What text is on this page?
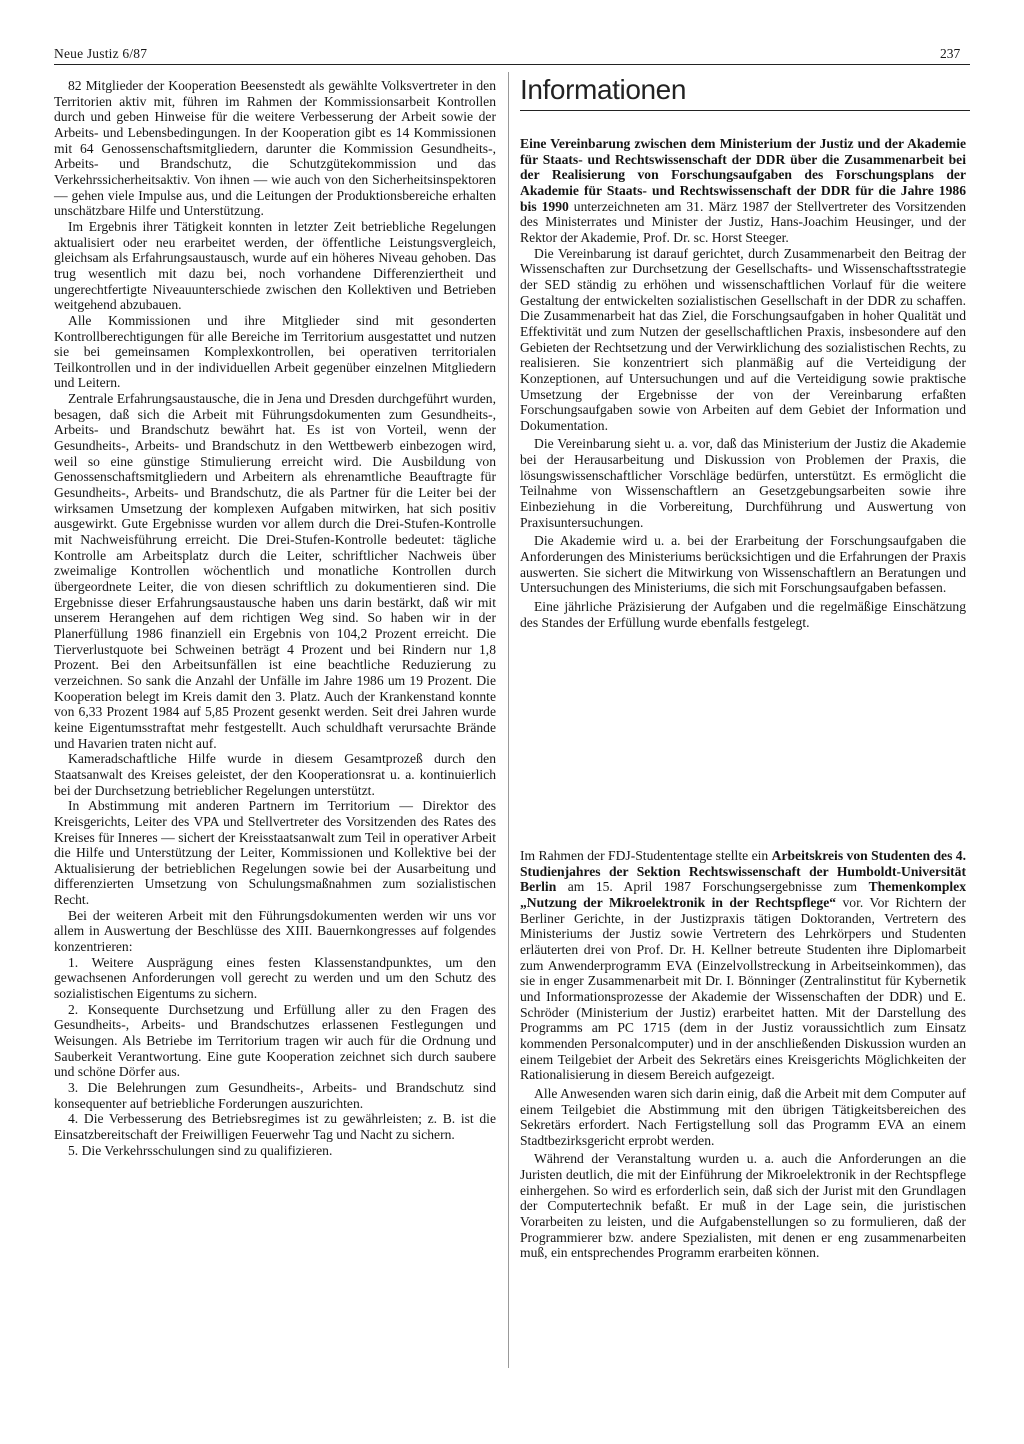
Neue Justiz 6/87	237

82 Mitglieder der Kooperation Beesenstedt als gewählte Volksvertreter in den Territorien aktiv mit, führen im Rahmen der Kommissionsarbeit Kontrollen durch und geben Hinweise für die weitere Verbesserung der Arbeit sowie der Arbeits- und Lebensbedingungen. In der Kooperation gibt es 14 Kommissionen mit 64 Genossenschaftsmitgliedern, darunter die Kommission Gesundheits-, Arbeits- und Brandschutz, die Schutzgütekommission und das Verkehrssicherheitsaktiv. Von ihnen — wie auch von den Sicherheitsinspektoren — gehen viele Impulse aus, und die Leitungen der Produktionsbereiche erhalten unschätzbare Hilfe und Unterstützung.

Im Ergebnis ihrer Tätigkeit konnten in letzter Zeit betriebliche Regelungen aktualisiert oder neu erarbeitet werden, der öffentliche Leistungsvergleich, gleichsam als Erfahrungsaustausch, wurde auf ein höheres Niveau gehoben. Das trug wesentlich mit dazu bei, noch vorhandene Differenziertheit und ungerechtfertigte Niveauunterschiede zwischen den Kollektiven und Betrieben weitgehend abzubauen.

Alle Kommissionen und ihre Mitglieder sind mit gesonderten Kontrollberechtigungen für alle Bereiche im Territorium ausgestattet und nutzen sie bei gemeinsamen Komplexkontrollen, bei operativen territorialen Teilkontrollen und in der individuellen Arbeit gegenüber einzelnen Mitgliedern und Leitern.

Zentrale Erfahrungsaustausche, die in Jena und Dresden durchgeführt wurden, besagen, daß sich die Arbeit mit Führungsdokumenten zum Gesundheits-, Arbeits- und Brandschutz bewährt hat. Es ist von Vorteil, wenn der Gesundheits-, Arbeits- und Brandschutz in den Wettbewerb einbezogen wird, weil so eine günstige Stimulierung erreicht wird. Die Ausbildung von Genossenschaftsmitgliedern und Arbeitern als ehrenamtliche Beauftragte für Gesundheits-, Arbeits- und Brandschutz, die als Partner für die Leiter bei der wirksamen Umsetzung der komplexen Aufgaben mitwirken, hat sich positiv ausgewirkt. Gute Ergebnisse wurden vor allem durch die Drei-Stufen-Kontrolle mit Nachweisführung erreicht. Die Drei-Stufen-Kontrolle bedeutet: tägliche Kontrolle am Arbeitsplatz durch die Leiter, schriftlicher Nachweis über zweimalige Kontrollen wöchentlich und monatliche Kontrollen durch übergeordnete Leiter, die von diesen schriftlich zu dokumentieren sind. Die Ergebnisse dieser Erfahrungsaustausche haben uns darin bestärkt, daß wir mit unserem Herangehen auf dem richtigen Weg sind. So haben wir in der Planerfüllung 1986 finanziell ein Ergebnis von 104,2 Prozent erreicht. Die Tierverlustquote bei Schweinen beträgt 4 Prozent und bei Rindern nur 1,8 Prozent. Bei den Arbeitsunfällen ist eine beachtliche Reduzierung zu verzeichnen. So sank die Anzahl der Unfälle im Jahre 1986 um 19 Prozent. Die Kooperation belegt im Kreis damit den 3. Platz. Auch der Krankenstand konnte von 6,33 Prozent 1984 auf 5,85 Prozent gesenkt werden. Seit drei Jahren wurde keine Eigentumsstraftat mehr festgestellt. Auch schuldhaft verursachte Brände und Havarien traten nicht auf.

Kameradschaftliche Hilfe wurde in diesem Gesamtprozeß durch den Staatsanwalt des Kreises geleistet, der den Kooperationsrat u. a. kontinuierlich bei der Durchsetzung betrieblicher Regelungen unterstützt.

In Abstimmung mit anderen Partnern im Territorium — Direktor des Kreisgerichts, Leiter des VPA und Stellvertreter des Vorsitzenden des Rates des Kreises für Inneres — sichert der Kreisstaatsanwalt zum Teil in operativer Arbeit die Hilfe und Unterstützung der Leiter, Kommissionen und Kollektive bei der Aktualisierung der betrieblichen Regelungen sowie bei der Ausarbeitung und differenzierten Umsetzung von Schulungsmaßnahmen zum sozialistischen Recht.

Bei der weiteren Arbeit mit den Führungsdokumenten werden wir uns vor allem in Auswertung der Beschlüsse des XIII. Bauernkongresses auf folgendes konzentrieren:

1. Weitere Ausprägung eines festen Klassenstandpunktes, um den gewachsenen Anforderungen voll gerecht zu werden und um den Schutz des sozialistischen Eigentums zu sichern.

2. Konsequente Durchsetzung und Erfüllung aller zu den Fragen des Gesundheits-, Arbeits- und Brandschutzes erlassenen Festlegungen und Weisungen. Als Betriebe im Territorium tragen wir auch für die Ordnung und Sauberkeit Verantwortung. Eine gute Kooperation zeichnet sich durch saubere und schöne Dörfer aus.

3. Die Belehrungen zum Gesundheits-, Arbeits- und Brandschutz sind konsequenter auf betriebliche Forderungen auszurichten.

4. Die Verbesserung des Betriebsregimes ist zu gewährleisten; z. B. ist die Einsatzbereitschaft der Freiwilligen Feuerwehr Tag und Nacht zu sichern.

5. Die Verkehrsschulungen sind zu qualifizieren.

Informationen

Eine Vereinbarung zwischen dem Ministerium der Justiz und der Akademie für Staats- und Rechtswissenschaft der DDR über die Zusammenarbeit bei der Realisierung von Forschungsaufgaben des Forschungsplans der Akademie für Staats- und Rechtswissenschaft der DDR für die Jahre 1986 bis 1990 unterzeichneten am 31. März 1987 der Stellvertreter des Vorsitzenden des Ministerrates und Minister der Justiz, Hans-Joachim Heusinger, und der Rektor der Akademie, Prof. Dr. sc. Horst Steeger.

Die Vereinbarung ist darauf gerichtet, durch Zusammenarbeit den Beitrag der Wissenschaften zur Durchsetzung der Gesellschafts- und Wissenschaftsstrategie der SED ständig zu erhöhen und wissenschaftlichen Vorlauf für die weitere Gestaltung der entwickelten sozialistischen Gesellschaft in der DDR zu schaffen. Die Zusammenarbeit hat das Ziel, die Forschungsaufgaben in hoher Qualität und Effektivität und zum Nutzen der gesellschaftlichen Praxis, insbesondere auf den Gebieten der Rechtsetzung und der Verwirklichung des sozialistischen Rechts, zu realisieren. Sie konzentriert sich planmäßig auf die Verteidigung der Konzeptionen, auf Untersuchungen und auf die Verteidigung sowie praktische Umsetzung der Ergebnisse der von der Vereinbarung erfaßten Forschungsaufgaben sowie von Arbeiten auf dem Gebiet der Information und Dokumentation.

Die Vereinbarung sieht u. a. vor, daß das Ministerium der Justiz die Akademie bei der Herausarbeitung und Diskussion von Problemen der Praxis, die lösungswissenschaftlicher Vorschläge bedürfen, unterstützt. Es ermöglicht die Teilnahme von Wissenschaftlern an Gesetzgebungsarbeiten sowie ihre Einbeziehung in die Vorbereitung, Durchführung und Auswertung von Praxisuntersuchungen.

Die Akademie wird u. a. bei der Erarbeitung der Forschungsaufgaben die Anforderungen des Ministeriums berücksichtigen und die Erfahrungen der Praxis auswerten. Sie sichert die Mitwirkung von Wissenschaftlern an Beratungen und Untersuchungen des Ministeriums, die sich mit Forschungsaufgaben befassen.

Eine jährliche Präzisierung der Aufgaben und die regelmäßige Einschätzung des Standes der Erfüllung wurde ebenfalls festgelegt.

Im Rahmen der FDJ-Studententage stellte ein Arbeitskreis von Studenten des 4. Studienjahres der Sektion Rechtswissenschaft der Humboldt-Universität Berlin am 15. April 1987 Forschungsergebnisse zum Themenkomplex „Nutzung der Mikroelektronik in der Rechtspflege“ vor. Vor Richtern der Berliner Gerichte, in der Justizpraxis tätigen Doktoranden, Vertretern des Ministeriums der Justiz sowie Vertretern des Lehrkörpers und Studenten erläuterten drei von Prof. Dr. H. Kellner betreute Studenten ihre Diplomarbeit zum Anwenderprogramm EVA (Einzelvollstreckung in Arbeitseinkommen), das sie in enger Zusammenarbeit mit Dr. I. Bönninger (Zentralinstitut für Kybernetik und Informationsprozesse der Akademie der Wissenschaften der DDR) und E. Schröder (Ministerium der Justiz) erarbeitet hatten. Mit der Darstellung des Programms am PC 1715 (dem in der Justiz voraussichtlich zum Einsatz kommenden Personalcomputer) und in der anschließenden Diskussion wurden an einem Teilgebiet der Arbeit des Sekretärs eines Kreisgerichts Möglichkeiten der Rationalisierung in diesem Bereich aufgezeigt.

Alle Anwesenden waren sich darin einig, daß die Arbeit mit dem Computer auf einem Teilgebiet die Abstimmung mit den übrigen Tätigkeitsbereichen des Sekretärs erfordert. Nach Fertigstellung soll das Programm EVA an einem Stadtbezirksgericht erprobt werden.

Während der Veranstaltung wurden u. a. auch die Anforderungen an die Juristen deutlich, die mit der Einführung der Mikroelektronik in der Rechtspflege einhergehen. So wird es erforderlich sein, daß sich der Jurist mit den Grundlagen der Computertechnik befaßt. Er muß in der Lage sein, die juristischen Vorarbeiten zu leisten, und die Aufgabenstellungen so zu formulieren, daß der Programmierer bzw. andere Spezialisten, mit denen er eng zusammenarbeiten muß, ein entsprechendes Programm erarbeiten können.
